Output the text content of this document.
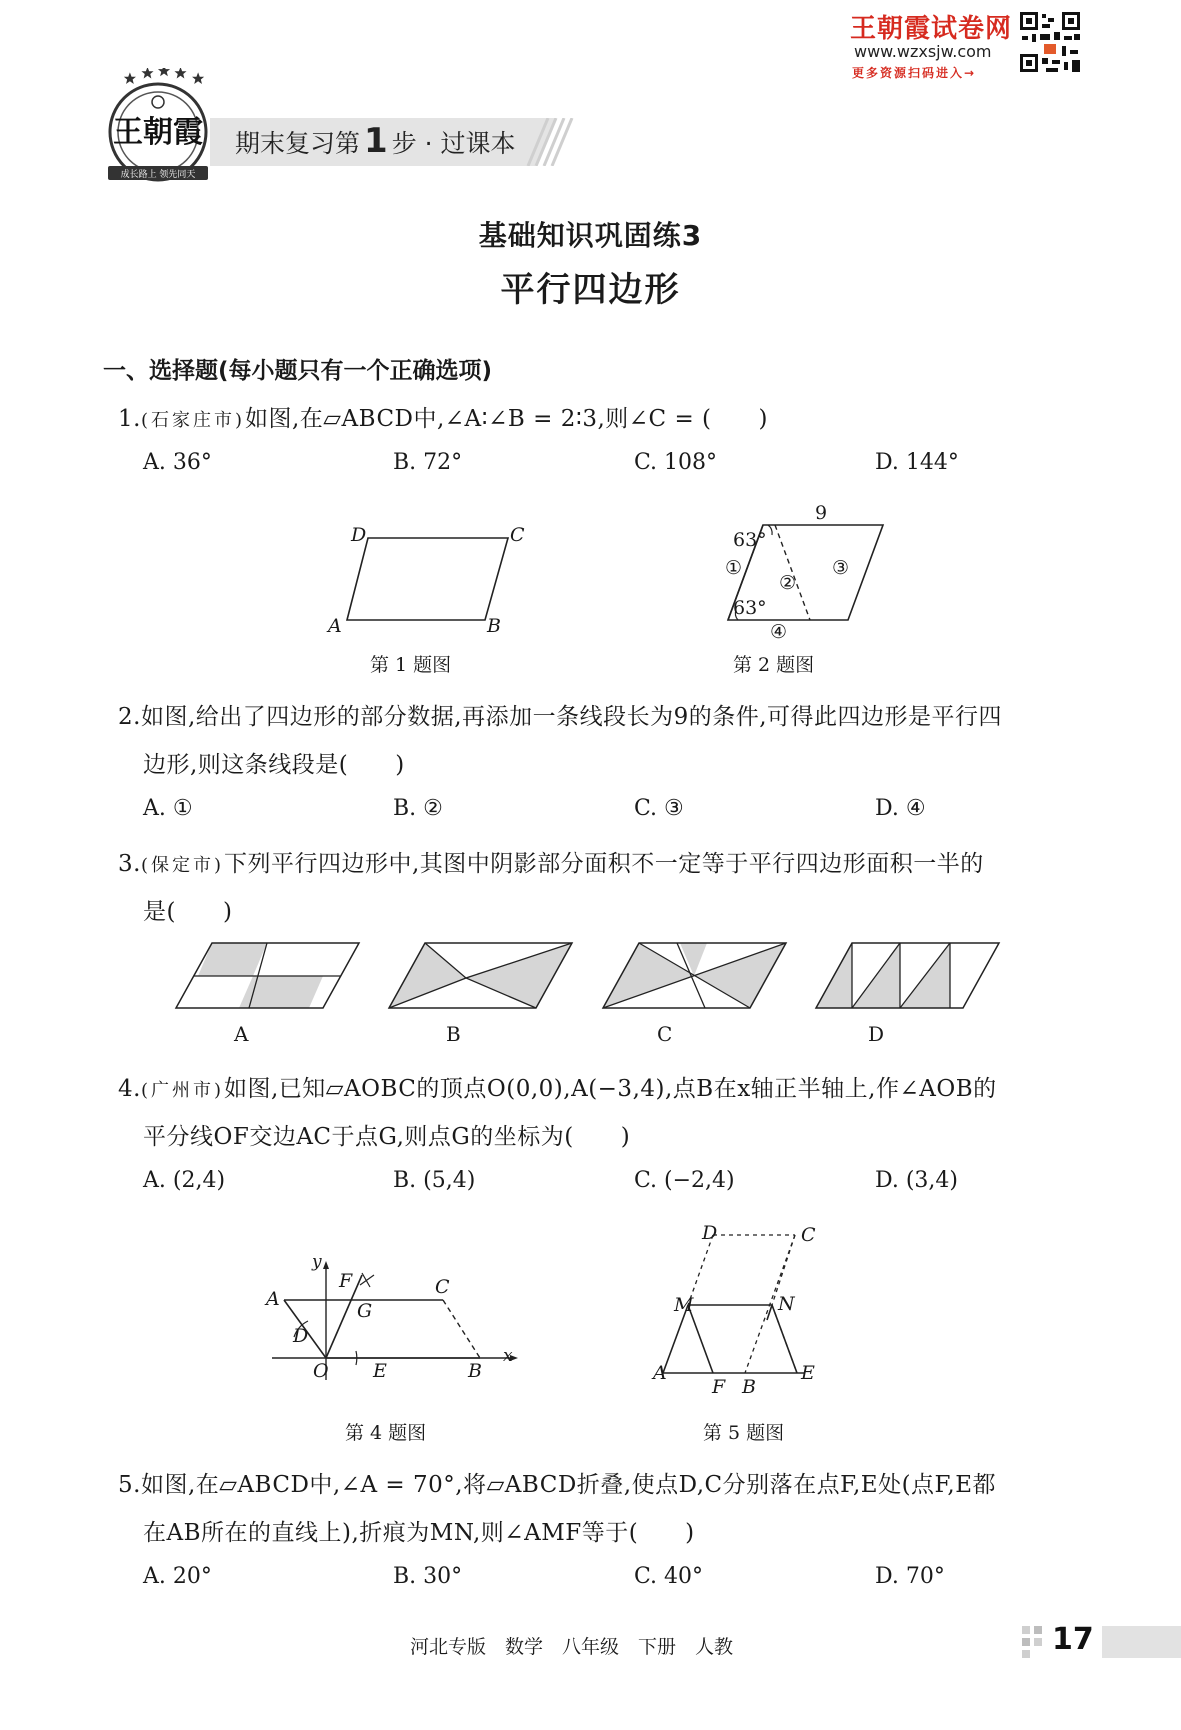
王朝霞试卷网
www.wzxsjw.com
更多资源扫码进入→
王朝霞
成长路上 领先同天
期末复习第 1 步 · 过课本
基础知识巩固练3
平行四边形
一、选择题(每小题只有一个正确选项)
1.(石家庄市)如图,在▱ABCD中,∠A∶∠B = 2∶3,则∠C = (　　)
A. 36°	B. 72°	C. 108°	D. 144°
D	C
A	B
第 1 题图
9
63°
63°
①
②
③
④
第 2 题图
2.如图,给出了四边形的部分数据,再添加一条线段长为9的条件,可得此四边形是平行四
边形,则这条线段是(　　)
A. ①	B. ②	C. ③	D. ④
3.(保定市)下列平行四边形中,其图中阴影部分面积不一定等于平行四边形面积一半的
是(　　)
A	B	C	D
4.(广州市)如图,已知▱AOBC的顶点O(0,0),A(−3,4),点B在x轴正半轴上,作∠AOB的
平分线OF交边AC于点G,则点G的坐标为(　　)
A. (2,4)	B. (5,4)	C. (−2,4)	D. (3,4)
y
x
A
F	C
G
D
O E	B
第 4 题图
D	C
M	N
A
F B
E
第 5 题图
5.如图,在▱ABCD中,∠A = 70°,将▱ABCD折叠,使点D,C分别落在点F,E处(点F,E都
在AB所在的直线上),折痕为MN,则∠AMF等于(　　)
A. 20°	B. 30°	C. 40°	D. 70°
河北专版　数学　八年级　下册　人教	17
